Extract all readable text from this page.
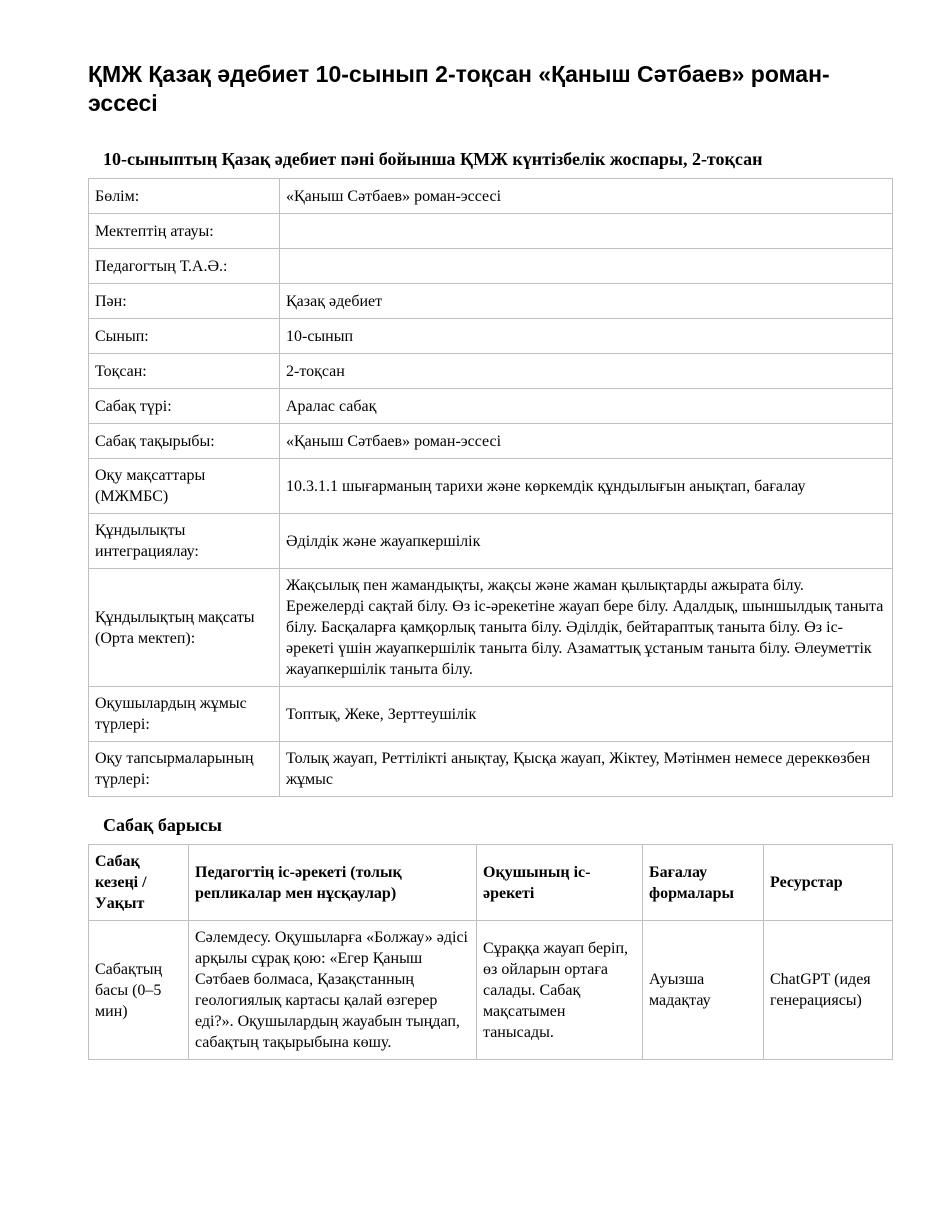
ҚМЖ Қазақ әдебиет 10-сынып 2-тоқсан «Қаныш Сәтбаев» роман-эссесі
10-сыныптың Қазақ әдебиет пәні бойынша ҚМЖ күнтізбелік жоспары, 2-тоқсан
Бөлім:	«Қаныш Сәтбаев» роман-эссесі
Мектептің атауы:	
Педагогтың Т.А.Ә.:	
Пән:	Қазақ әдебиет
Сынып:	10-сынып
Тоқсан:	2-тоқсан
Сабақ түрі:	Аралас сабақ
Сабақ тақырыбы:	«Қаныш Сәтбаев» роман-эссесі
Оқу мақсаттары (МЖМБС)	10.3.1.1 шығарманың тарихи және көркемдік құндылығын анықтап, бағалау
Құндылықты интеграциялау:	Әділдік және жауапкершілік
Құндылықтың мақсаты (Орта мектеп):	Жақсылық пен жамандықты, жақсы және жаман қылықтарды ажырата білу. Ережелерді сақтай білу. Өз іс-әрекетіне жауап бере білу. Адалдық, шыншылдық таныта білу. Басқаларға қамқорлық таныта білу. Әділдік, бейтараптық таныта білу. Өз іс-әрекеті үшін жауапкершілік таныта білу. Азаматтық ұстаным таныта білу. Әлеуметтік жауапкершілік таныта білу.
Оқушылардың жұмыс түрлері:	Топтық, Жеке, Зерттеушілік
Оқу тапсырмаларының түрлері:	Толық жауап, Реттілікті анықтау, Қысқа жауап, Жіктеу, Мәтінмен немесе дереккөзбен жұмыс
Сабақ барысы
Сабақ кезеңі / Уақыт	Педагогтің іс-әрекеті (толық репликалар мен нұсқаулар)	Оқушының іс-әрекеті	Бағалау формалары	Ресурстар
Сабақтың басы (0–5 мин)	Сәлемдесу. Оқушыларға «Болжау» әдісі арқылы сұрақ қою: «Егер Қаныш Сәтбаев болмаса, Қазақстанның геологиялық картасы қалай өзгерер еді?». Оқушылардың жауабын тыңдап, сабақтың тақырыбына көшу.	Сұраққа жауап беріп, өз ойларын ортаға салады. Сабақ мақсатымен танысады.	Ауызша мадақтау	ChatGPT (идея генерациясы)
